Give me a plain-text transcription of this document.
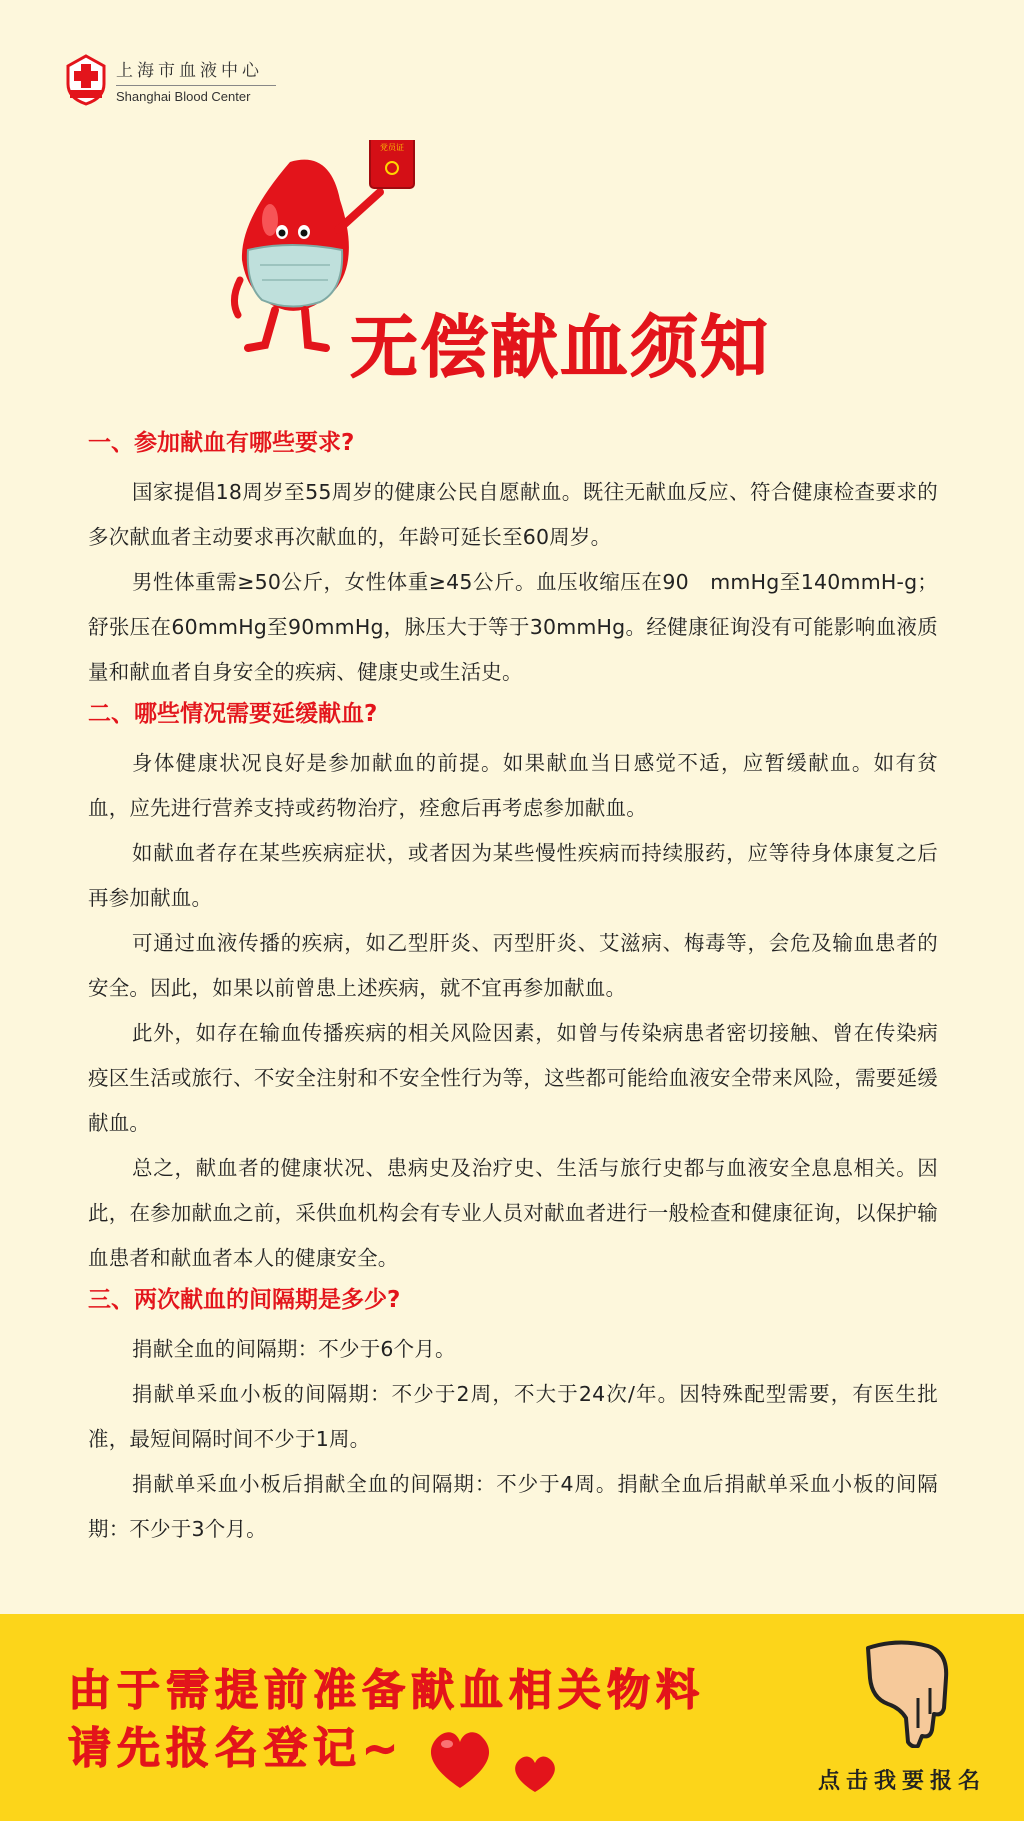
上海市血液中心
Shanghai Blood Center
党员证
无偿献血须知
一、参加献血有哪些要求?

国家提倡18周岁至55周岁的健康公民自愿献血。既往无献血反应、符合健康检查要求的多次献血者主动要求再次献血的，年龄可延长至60周岁。

男性体重需≥50公斤，女性体重≥45公斤。血压收缩压在90　mmHg至140mmH-g；舒张压在60mmHg至90mmHg，脉压大于等于30mmHg。经健康征询没有可能影响血液质量和献血者自身安全的疾病、健康史或生活史。

二、哪些情况需要延缓献血?

身体健康状况良好是参加献血的前提。如果献血当日感觉不适，应暂缓献血。如有贫血，应先进行营养支持或药物治疗，痊愈后再考虑参加献血。

如献血者存在某些疾病症状，或者因为某些慢性疾病而持续服药，应等待身体康复之后再参加献血。

可通过血液传播的疾病，如乙型肝炎、丙型肝炎、艾滋病、梅毒等，会危及输血患者的安全。因此，如果以前曾患上述疾病，就不宜再参加献血。

此外，如存在输血传播疾病的相关风险因素，如曾与传染病患者密切接触、曾在传染病疫区生活或旅行、不安全注射和不安全性行为等，这些都可能给血液安全带来风险，需要延缓献血。

总之，献血者的健康状况、患病史及治疗史、生活与旅行史都与血液安全息息相关。因此，在参加献血之前，采供血机构会有专业人员对献血者进行一般检查和健康征询，以保护输血患者和献血者本人的健康安全。

三、两次献血的间隔期是多少?

捐献全血的间隔期：不少于6个月。

捐献单采血小板的间隔期：不少于2周，不大于24次/年。因特殊配型需要，有医生批准，最短间隔时间不少于1周。

捐献单采血小板后捐献全血的间隔期：不少于4周。捐献全血后捐献单采血小板的间隔期：不少于3个月。

由于需提前准备献血相关物料
请先报名登记~
点击我要报名
